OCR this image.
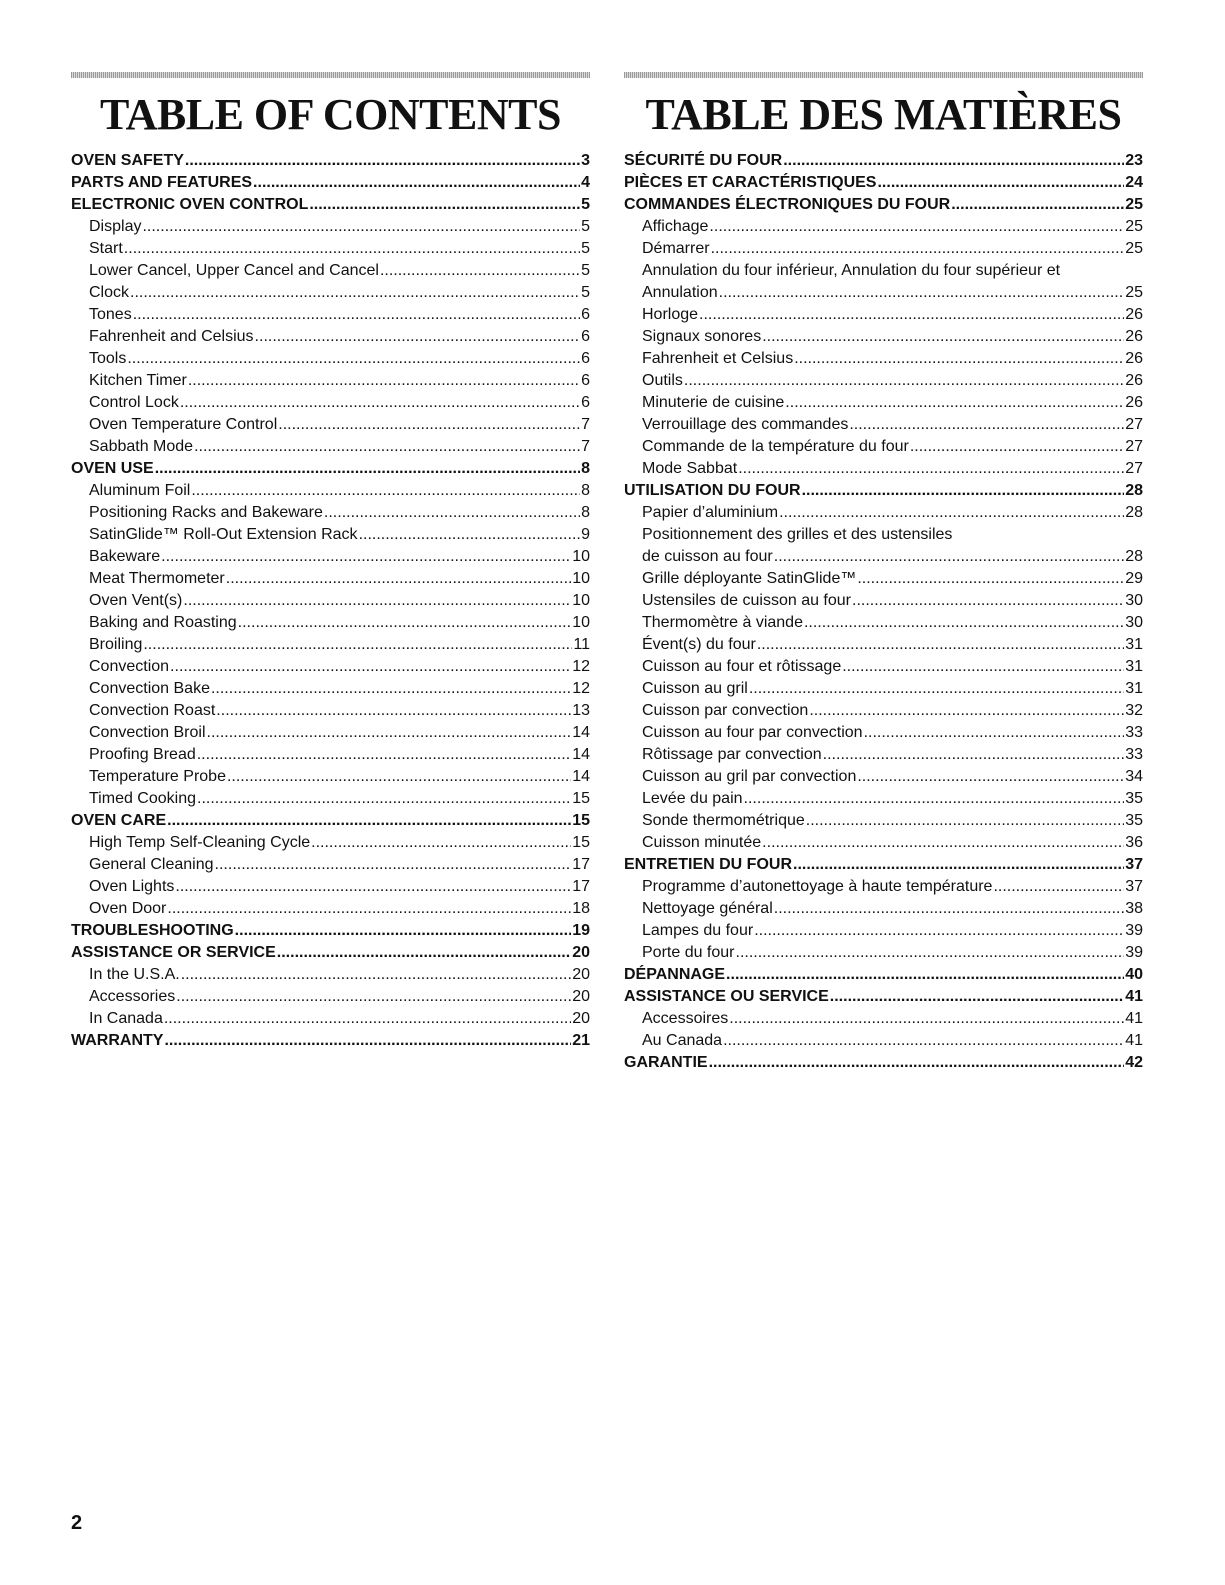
TABLE OF CONTENTS
OVEN SAFETY .....	3
PARTS AND FEATURES .....	4
ELECTRONIC OVEN CONTROL .....	5
Display .....	5
Start .....	5
Lower Cancel, Upper Cancel and Cancel .....	5
Clock .....	5
Tones .....	6
Fahrenheit and Celsius .....	6
Tools .....	6
Kitchen Timer .....	6
Control Lock .....	6
Oven Temperature Control .....	7
Sabbath Mode .....	7
OVEN USE .....	8
Aluminum Foil .....	8
Positioning Racks and Bakeware .....	8
SatinGlide™ Roll-Out Extension Rack .....	9
Bakeware .....	10
Meat Thermometer .....	10
Oven Vent(s) .....	10
Baking and Roasting .....	10
Broiling .....	11
Convection .....	12
Convection Bake .....	12
Convection Roast .....	13
Convection Broil .....	14
Proofing Bread .....	14
Temperature Probe .....	14
Timed Cooking .....	15
OVEN CARE .....	15
High Temp Self-Cleaning Cycle .....	15
General Cleaning .....	17
Oven Lights .....	17
Oven Door .....	18
TROUBLESHOOTING .....	19
ASSISTANCE OR SERVICE .....	20
In the U.S.A. .....	20
Accessories .....	20
In Canada .....	20
WARRANTY .....	21
TABLE DES MATIÈRES
SÉCURITÉ DU FOUR .....	23
PIÈCES ET CARACTÉRISTIQUES .....	24
COMMANDES ÉLECTRONIQUES DU FOUR .....	25
Affichage .....	25
Démarrer .....	25
Annulation du four inférieur, Annulation du four supérieur et
Annulation .....	25
Horloge .....	26
Signaux sonores .....	26
Fahrenheit et Celsius .....	26
Outils .....	26
Minuterie de cuisine .....	26
Verrouillage des commandes .....	27
Commande de la température du four .....	27
Mode Sabbat .....	27
UTILISATION DU FOUR .....	28
Papier d’aluminium .....	28
Positionnement des grilles et des ustensiles
de cuisson au four .....	28
Grille déployante SatinGlide™ .....	29
Ustensiles de cuisson au four .....	30
Thermomètre à viande .....	30
Évent(s) du four .....	31
Cuisson au four et rôtissage .....	31
Cuisson au gril .....	31
Cuisson par convection .....	32
Cuisson au four par convection .....	33
Rôtissage par convection .....	33
Cuisson au gril par convection .....	34
Levée du pain .....	35
Sonde thermométrique .....	35
Cuisson minutée .....	36
ENTRETIEN DU FOUR .....	37
Programme d’autonettoyage à haute température .....	37
Nettoyage général .....	38
Lampes du four .....	39
Porte du four .....	39
DÉPANNAGE .....	40
ASSISTANCE OU SERVICE .....	41
Accessoires .....	41
Au Canada .....	41
GARANTIE .....	42
2
